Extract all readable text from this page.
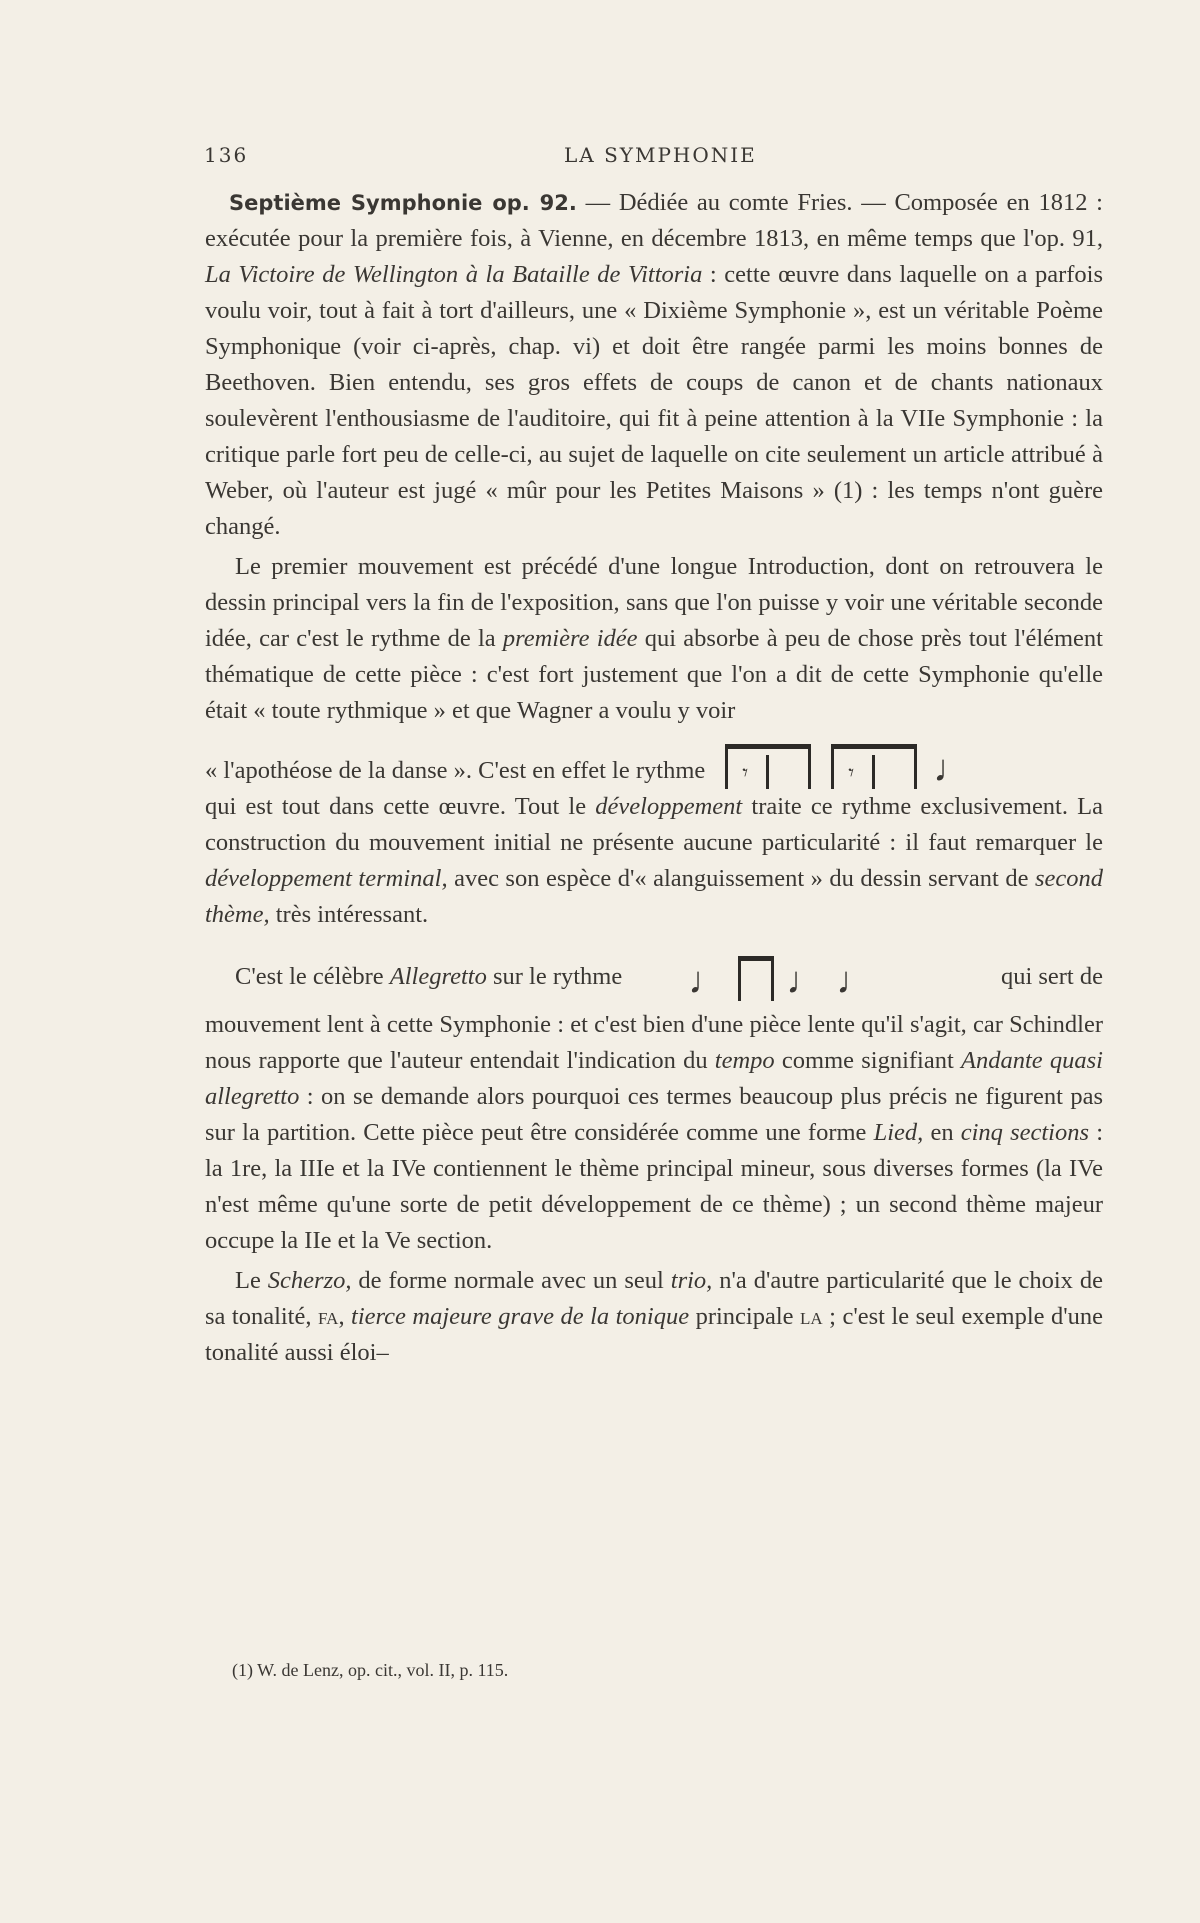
136	LA SYMPHONIE

Septième Symphonie op. 92. — Dédiée au comte Fries. — Composée en 1812 : exécutée pour la première fois, à Vienne, en décembre 1813, en même temps que l'op. 91, La Victoire de Wellington à la Bataille de Vittoria : cette œuvre dans laquelle on a parfois voulu voir, tout à fait à tort d'ailleurs, une « Dixième Symphonie », est un véritable Poème Symphonique (voir ci-après, chap. vi) et doit être rangée parmi les moins bonnes de Beethoven. Bien entendu, ses gros effets de coups de canon et de chants nationaux soulevèrent l'enthousiasme de l'auditoire, qui fit à peine attention à la VIIe Symphonie : la critique parle fort peu de celle-ci, au sujet de laquelle on cite seulement un article attribué à Weber, où l'auteur est jugé « mûr pour les Petites Maisons » (1) : les temps n'ont guère changé.

Le premier mouvement est précédé d'une longue Introduction, dont on retrouvera le dessin principal vers la fin de l'exposition, sans que l'on puisse y voir une véritable seconde idée, car c'est le rythme de la première idée qui absorbe à peu de chose près tout l'élément thématique de cette pièce : c'est fort justement que l'on a dit de cette Symphonie qu'elle était « toute rythmique » et que Wagner a voulu y voir

« l'apothéose de la danse ». C'est en effet le rythme 𝄾	𝄾 ♩

qui est tout dans cette œuvre. Tout le développement traite ce rythme exclusivement. La construction du mouvement initial ne présente aucune particularité : il faut remarquer le développement terminal, avec son espèce d'« alanguissement » du dessin servant de second thème, très intéressant.

C'est le célèbre Allegretto sur le rythme ♩ ♩ ♩	qui sert de

mouvement lent à cette Symphonie : et c'est bien d'une pièce lente qu'il s'agit, car Schindler nous rapporte que l'auteur entendait l'indication du tempo comme signifiant Andante quasi allegretto : on se demande alors pourquoi ces termes beaucoup plus précis ne figurent pas sur la partition. Cette pièce peut être considérée comme une forme Lied, en cinq sections : la 1re, la IIIe et la IVe contiennent le thème principal mineur, sous diverses formes (la IVe n'est même qu'une sorte de petit développement de ce thème) ; un second thème majeur occupe la IIe et la Ve section.

Le Scherzo, de forme normale avec un seul trio, n'a d'autre particularité que le choix de sa tonalité, fa, tierce majeure grave de la tonique principale la ; c'est le seul exemple d'une tonalité aussi éloi–

(1) W. de Lenz, op. cit., vol. II, p. 115.
